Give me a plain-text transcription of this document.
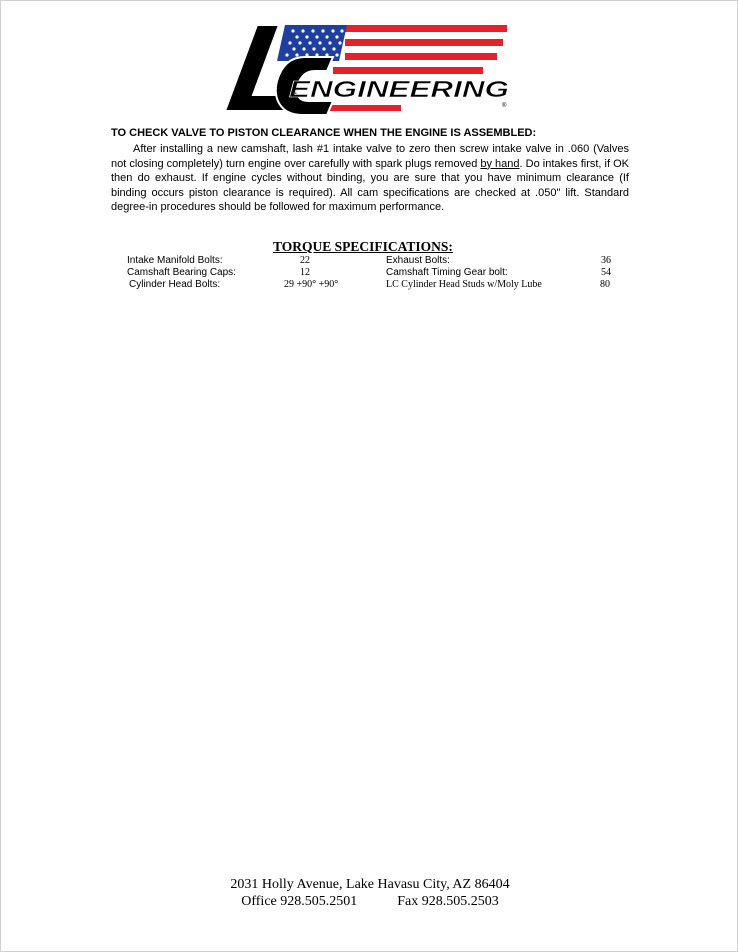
ENGINEERING
®
TO CHECK VALVE TO PISTON CLEARANCE WHEN THE ENGINE IS ASSEMBLED:
After installing a new camshaft, lash #1 intake valve to zero then screw intake valve in .060 (Valves not closing completely) turn engine over carefully with spark plugs removed by hand. Do intakes first, if OK then do exhaust. If engine cycles without binding, you are sure that you have minimum clearance (If binding occurs piston clearance is required). All cam specifications are checked at .050" lift. Standard degree-in procedures should be followed for maximum performance.
TORQUE SPECIFICATIONS:
Intake Manifold Bolts:	22	Exhaust Bolts:	36
Camshaft Bearing Caps:	12	Camshaft Timing Gear bolt:	54
Cylinder Head Bolts:	29 +90° +90°	LC Cylinder Head Studs w/Moly Lube	80
2031 Holly Avenue, Lake Havasu City, AZ 86404
Office 928.505.2501	Fax 928.505.2503
